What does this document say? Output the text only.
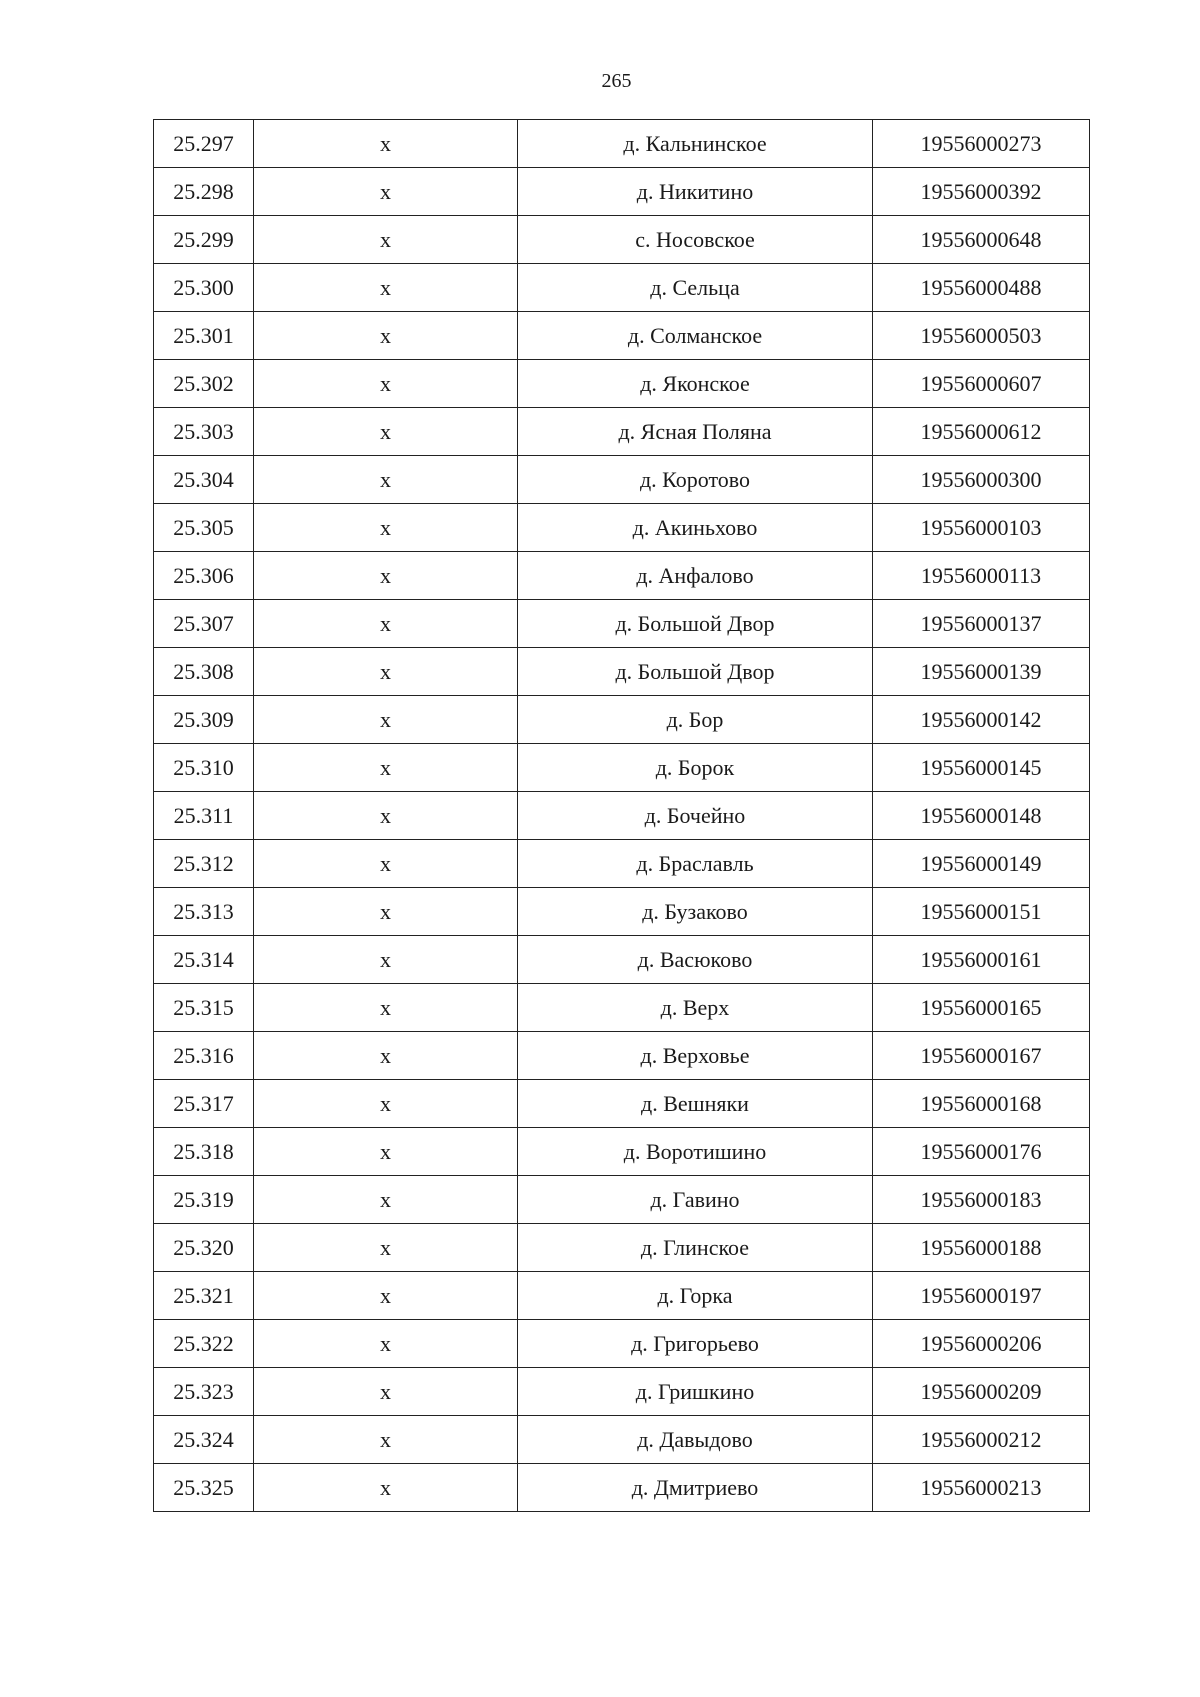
265
25.297	х	д. Кальнинское	19556000273
25.298	х	д. Никитино	19556000392
25.299	х	с. Носовское	19556000648
25.300	х	д. Сельца	19556000488
25.301	х	д. Солманское	19556000503
25.302	х	д. Яконское	19556000607
25.303	х	д. Ясная Поляна	19556000612
25.304	х	д. Коротово	19556000300
25.305	х	д. Акиньхово	19556000103
25.306	х	д. Анфалово	19556000113
25.307	х	д. Большой Двор	19556000137
25.308	х	д. Большой Двор	19556000139
25.309	х	д. Бор	19556000142
25.310	х	д. Борок	19556000145
25.311	х	д. Бочейно	19556000148
25.312	х	д. Браславль	19556000149
25.313	х	д. Бузаково	19556000151
25.314	х	д. Васюково	19556000161
25.315	х	д. Верх	19556000165
25.316	х	д. Верховье	19556000167
25.317	х	д. Вешняки	19556000168
25.318	х	д. Воротишино	19556000176
25.319	х	д. Гавино	19556000183
25.320	х	д. Глинское	19556000188
25.321	х	д. Горка	19556000197
25.322	х	д. Григорьево	19556000206
25.323	х	д. Гришкино	19556000209
25.324	х	д. Давыдово	19556000212
25.325	х	д. Дмитриево	19556000213
